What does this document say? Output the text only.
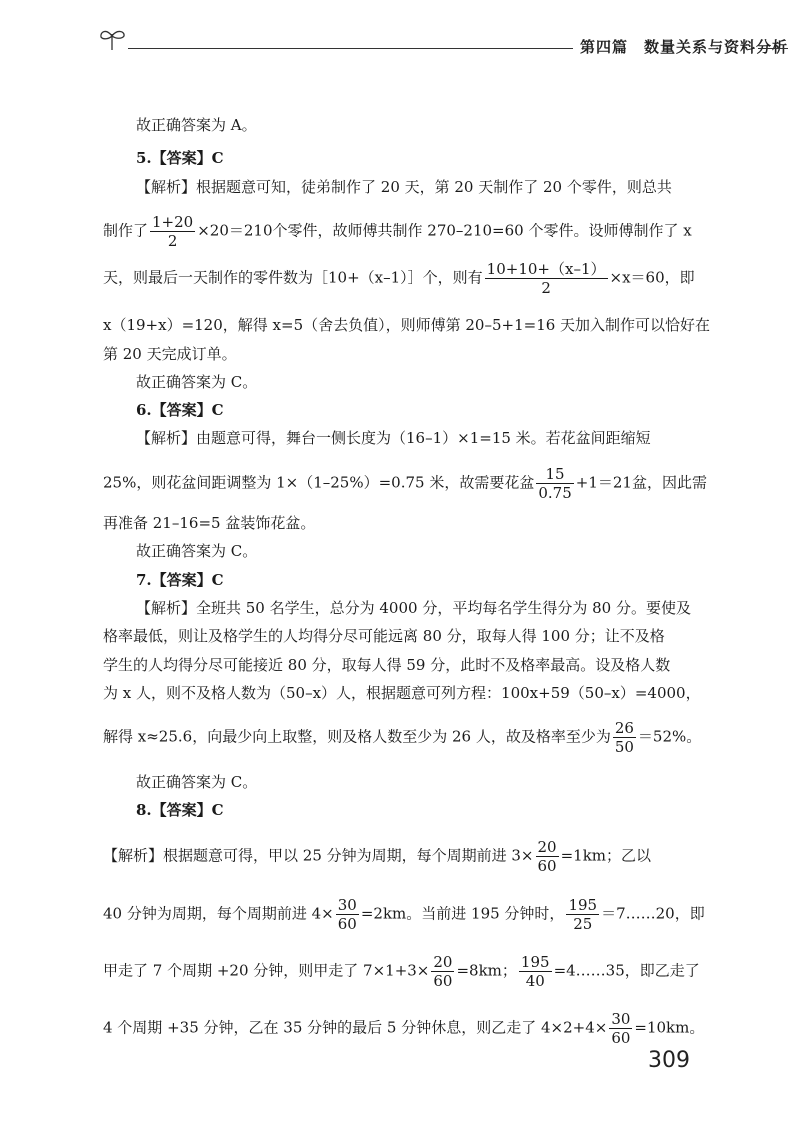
第四篇　数量关系与资料分析
故正确答案为 A。
5.【答案】C
【解析】根据题意可知，徒弟制作了 20 天，第 20 天制作了 20 个零件，则总共
制作了 $\frac{1+20}{2} \times 20=210$个零件，故师傅共制作 270–210=60 个零件。设师傅制作了 x
天，则最后一天制作的零件数为［10+（x–1）］个，则有 $\frac{10+10+(x-1)}{2} \times x=60$，即
x（19+x）=120，解得 x=5（舍去负值），则师傅第 20–5+1=16 天加入制作可以恰好在
第 20 天完成订单。
故正确答案为 C。
6.【答案】C
【解析】由题意可得，舞台一侧长度为（16–1）×1=15 米。若花盆间距缩短
25%，则花盆间距调整为 1×（1–25%）=0.75 米，故需要花盆 $\frac{15}{0.75} +1=21$盆，因此需
再准备 21–16=5 盆装饰花盆。
故正确答案为 C。
7.【答案】C
【解析】全班共 50 名学生，总分为 4000 分，平均每名学生得分为 80 分。要使及
格率最低，则让及格学生的人均得分尽可能远离 80 分，取每人得 100 分；让不及格
学生的人均得分尽可能接近 80 分，取每人得 59 分，此时不及格率最高。设及格人数
为 x 人，则不及格人数为（50–x）人，根据题意可列方程：100x+59（50–x）=4000，
解得 x≈25.6，向最少向上取整，则及格人数至少为 26 人，故及格率至少为 $\frac{26}{50} =52\%$。
故正确答案为 C。
8.【答案】C
【解析】根据题意可得，甲以 25 分钟为周期，每个周期前进 $3\times \frac{20}{60} =1km$；乙以
40 分钟为周期，每个周期前进 $4\times \frac{30}{60} =2km$。当前进 195 分钟时， $\frac{195}{25}$ ＝7……20，即
甲走了 7 个周期 +20 分钟，则甲走了 $7\times 1+3\times \frac{20}{60} =8km$； $\frac{195}{40}$ =4……35，即乙走了
4 个周期 +35 分钟，乙在 35 分钟的最后 5 分钟休息，则乙走了 $4\times 2+4\times \frac{30}{60} =10km$。
309
